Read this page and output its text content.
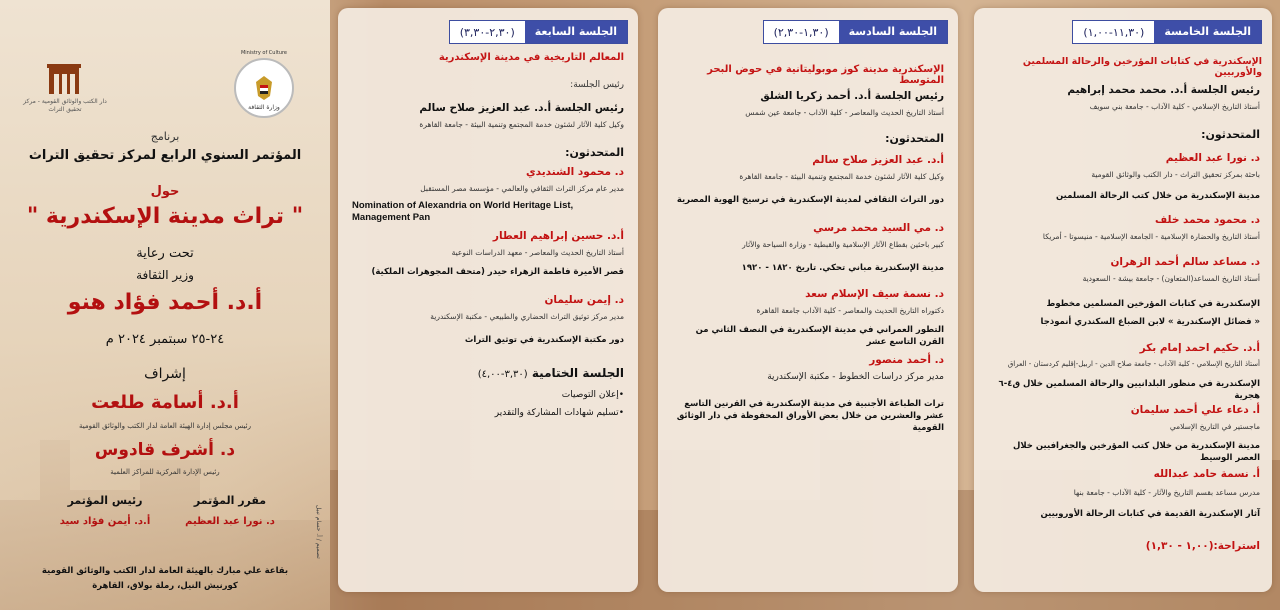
دار الكتب والوثائق القومية - مركز تحقيق التراث
Ministry of Culture
وزارة الثقافة
برنامج
المؤتمر السنوي الرابع لمركز تحقيق التراث
حول
" تراث مدينة الإسكندرية "
تحت رعاية
وزير الثقافة
أ.د. أحمد فؤاد هنو
٢٤-٢٥ سبتمبر ٢٠٢٤ م
إشراف
أ.د. أسامة طلعت
رئيس مجلس إدارة الهيئة العامة لدار الكتب والوثائق القومية
د. أشرف قادوس
رئيس الإدارة المركزية للمراكز العلمية
رئيس المؤتمر
أ.د. أيمن فؤاد سيد
مقرر المؤتمر
د. نورا عبد العظيم
بقاعة علي مبارك بالهيئة العامة لدار الكتب والوثائق القومية
كورنيش النيل، رملة بولاق، القاهرة
تصميم / أ. حسام نبيل
الجلسة السابعة
(٢,٣٠-٣,٣٠)
المعالم التاريخية في مدينة الإسكندرية
رئيس الجلسة:
رئيس الجلسة أ.د. عبد العزيز صلاح سالم
وكيل كلية الآثار لشئون خدمة المجتمع وتنمية البيئة - جامعة القاهرة
المتحدثون:
د. محمود الشنديدي
مدير عام مركز التراث الثقافي والعالمي - مؤسسة مصر المستقبل
Nomination of Alexandria on World Heritage List, Management Pan
أ.د. حسين إبراهيم العطار
أستاذ التاريخ الحديث والمعاصر - معهد الدراسات النوعية
قصر الأميرة فاطمة الزهراء حيدر (متحف المجوهرات الملكية)
د. إيمن سليمان
مدير مركز توثيق التراث الحضاري والطبيعي - مكتبة الإسكندرية
دور مكتبة الإسكندرية في توثيق التراث
الجلسة الختامية (٣,٣٠-٤,٠٠)
•إعلان التوصيات
•تسليم شهادات المشاركة والتقدير
الجلسة السادسة
(١,٣٠-٢,٣٠)
الإسكندرية مدينة كوز موبوليتانية في حوض البحر المتوسط
رئيس الجلسة أ.د. أحمد زكريا الشلق
أستاذ التاريخ الحديث والمعاصر - كلية الآداب - جامعة عين شمس
المتحدثون:
أ.د. عبد العزيز صلاح سالم
وكيل كلية الآثار لشئون خدمة المجتمع وتنمية البيئة - جامعة القاهرة
دور التراث الثقافي لمدينة الإسكندرية في ترسيخ الهوية المصرية
د. مي السيد محمد مرسي
كبير باحثين بقطاع الآثار الإسلامية والقبطية - وزارة السياحة والآثار
مدينة الإسكندرية مباني تحكي. تاريخ ١٨٢٠ - ١٩٢٠
د. نسمة سيف الإسلام سعد
دكتوراه التاريخ الحديث والمعاصر - كلية الآداب جامعة القاهرة
التطور العمراني في مدينة الإسكندرية في النصف الثاني من القرن التاسع عشر
د. أحمد منصور
مدير مركز دراسات الخطوط - مكتبة الإسكندرية
ترات الطباعة الأجنبية في مدينة الإسكندرية في القرنين التاسع عشر والعشرين من خلال بعض الأوراق المحفوظة في دار الوثائق القومية
الجلسة الخامسة
(١١,٣٠-١,٠٠)
الإسكندرية في كتابات المؤرخين والرحالة المسلمين والأوربيين
رئيس الجلسة أ.د. محمد محمد إبراهيم
أستاذ التاريخ الإسلامي - كلية الآداب - جامعة بني سويف
المتحدثون:
د. نورا عبد العظيم
باحثة بمركز تحقيق التراث - دار الكتب والوثائق القومية
مدينة الإسكندرية من خلال كتب الرحالة المسلمين
د. محمود محمد خلف
أستاذ التاريخ والحضارة الإسلامية - الجامعة الإسلامية - منيسوتا - أمريكا
د. مساعد سالم أحمد الزهران
أستاذ التاريخ المساعد(المتعاون) - جامعة بيشة - السعودية
الإسكندرية في كتابات المؤرخين المسلمين مخطوط
« فضائل الإسكندرية » لابن الضباع السكندري أنموذجا
أ.د. حكيم احمد إمام بكر
أستاذ التاريخ الإسلامي - كلية الآداب - جامعة صلاح الدين - اربيل-إقليم كردستان - العراق
الإسكندرية في منظور البلدانيين والرحالة المسلمين خلال ق٤-٦ هجرية
أ. دعاء علي أحمد سليمان
ماجستير في التاريخ الإسلامي
مدينة الإسكندرية من خلال كتب المؤرخين والجغرافيين خلال العصر الوسيط
أ. نسمة حامد عبدالله
مدرس مساعد بقسم التاريخ والآثار - كلية الآداب - جامعة بنها
آثار الإسكندرية القديمة في كتابات الرحالة الأوروبيين
استراحة:(١,٠٠ - ١,٣٠)
